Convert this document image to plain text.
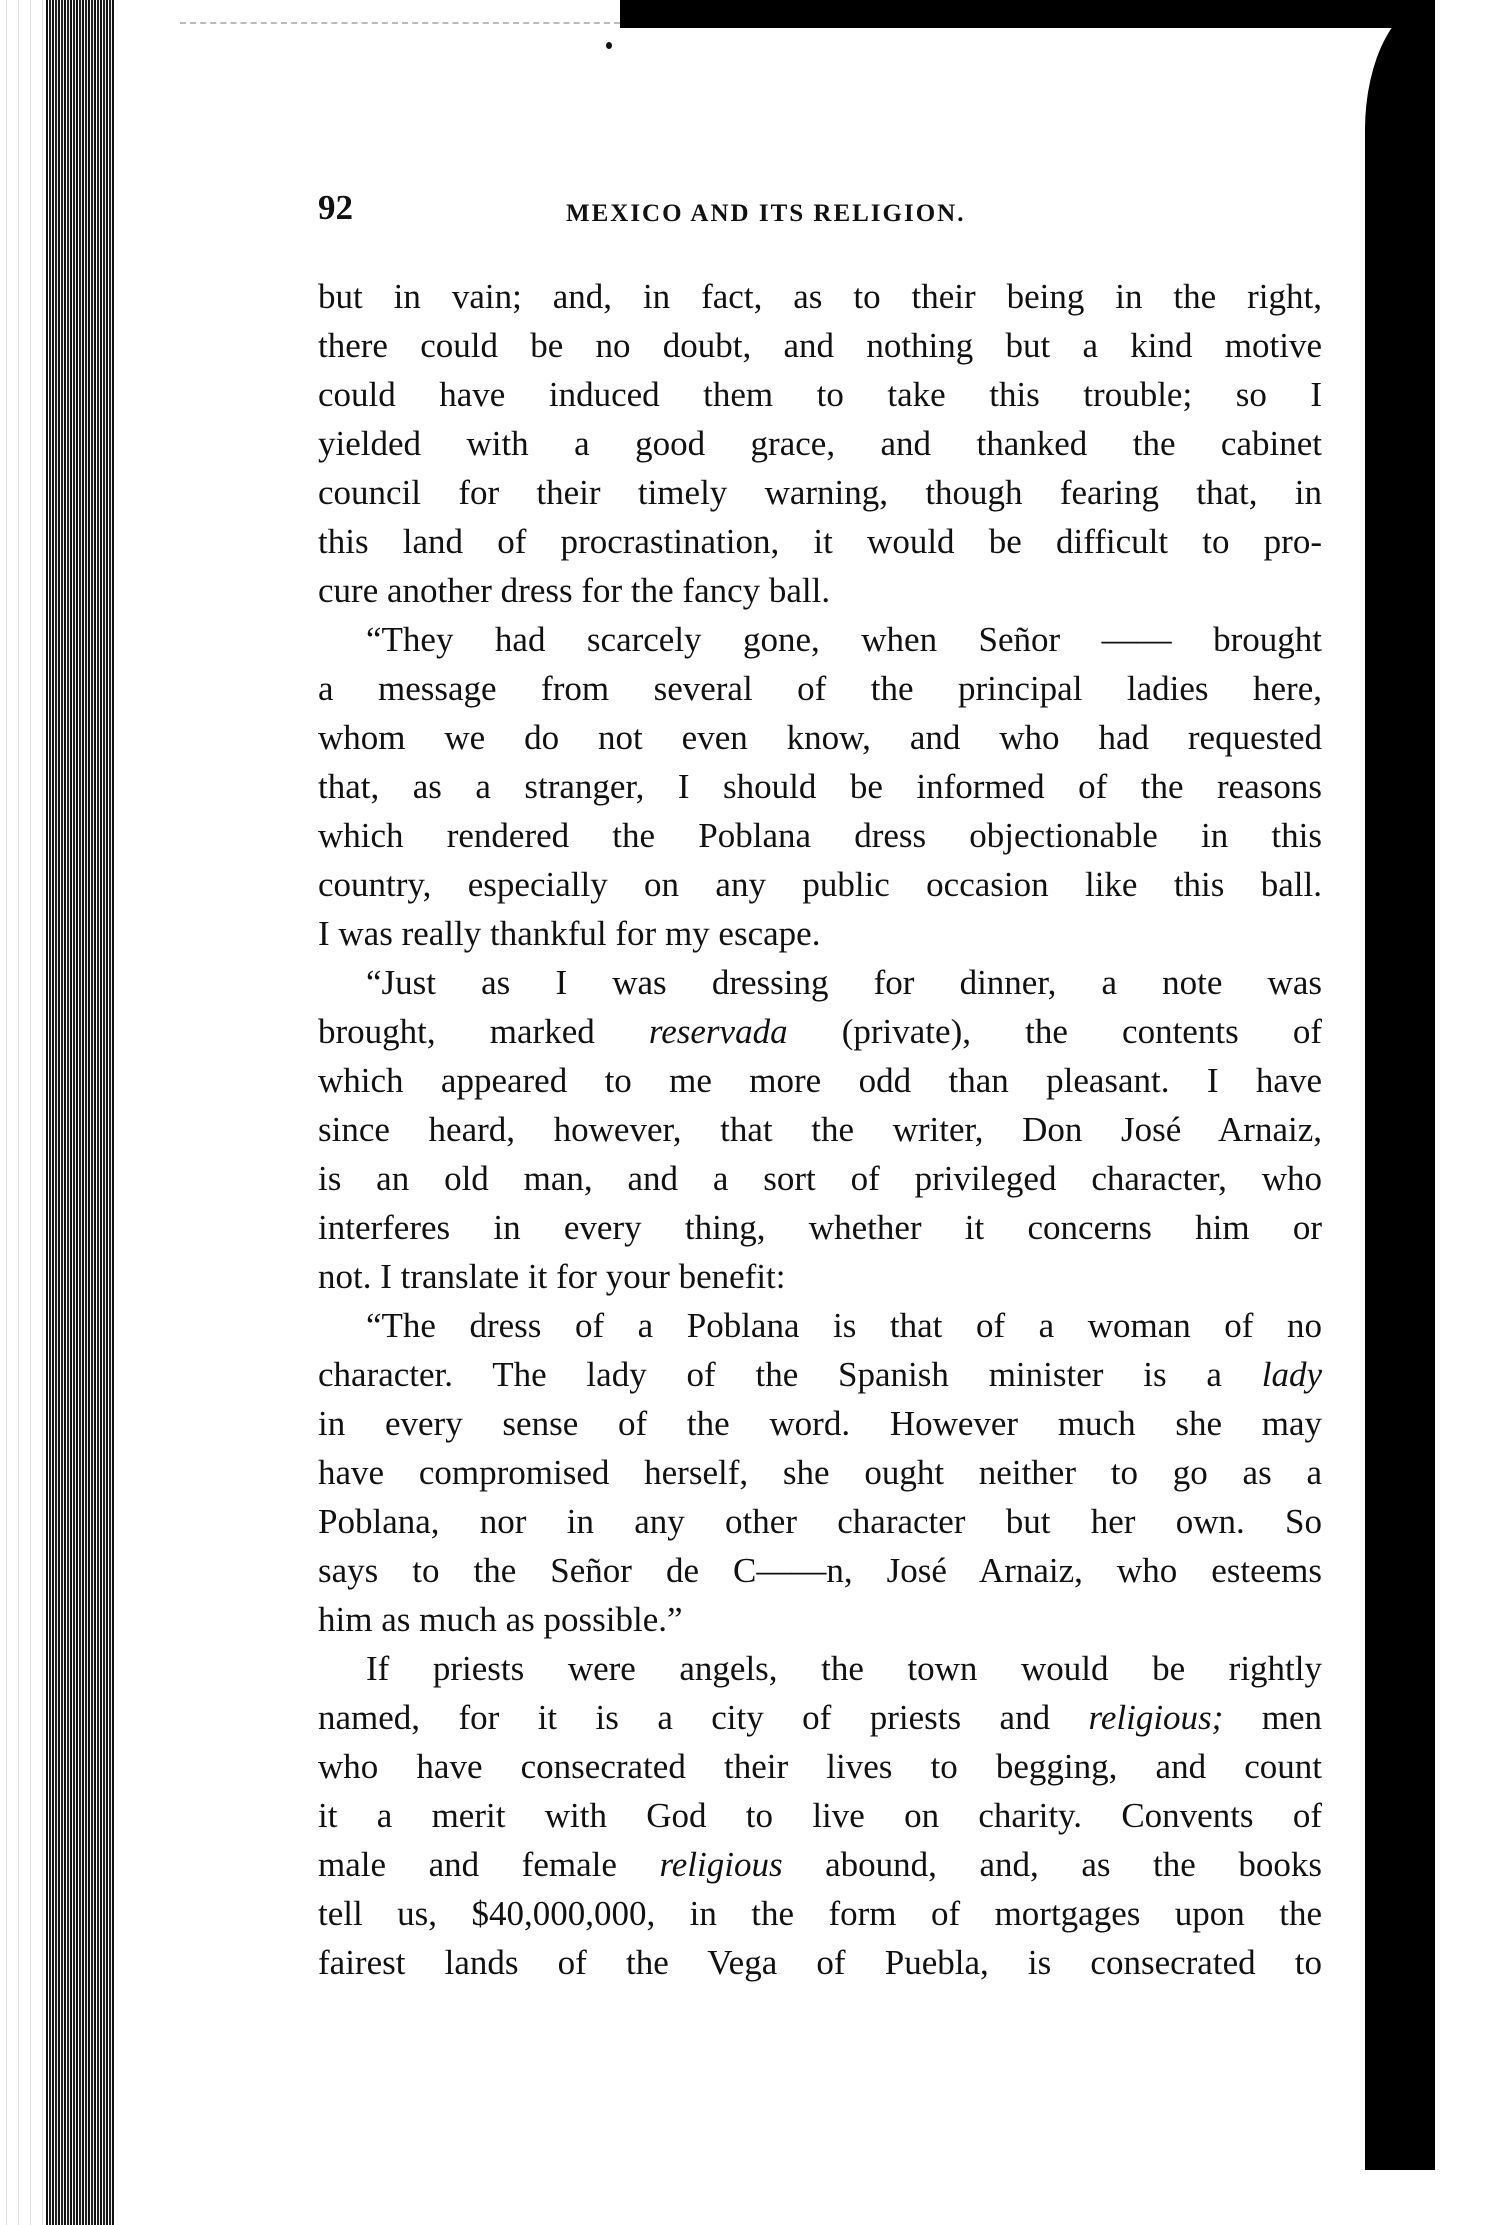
92	MEXICO AND ITS RELIGION.
but in vain; and, in fact, as to their being in the right,
there could be no doubt, and nothing but a kind motive
could have induced them to take this trouble; so I
yielded with a good grace, and thanked the cabinet
council for their timely warning, though fearing that, in
this land of procrastination, it would be difficult to pro-
cure another dress for the fancy ball.
“They had scarcely gone, when Señor —— brought
a message from several of the principal ladies here,
whom we do not even know, and who had requested
that, as a stranger, I should be informed of the reasons
which rendered the Poblana dress objectionable in this
country, especially on any public occasion like this ball.
I was really thankful for my escape.
“Just as I was dressing for dinner, a note was
brought, marked reservada (private), the contents of
which appeared to me more odd than pleasant. I have
since heard, however, that the writer, Don José Arnaiz,
is an old man, and a sort of privileged character, who
interferes in every thing, whether it concerns him or
not. I translate it for your benefit:
“The dress of a Poblana is that of a woman of no
character. The lady of the Spanish minister is a lady
in every sense of the word. However much she may
have compromised herself, she ought neither to go as a
Poblana, nor in any other character but her own. So
says to the Señor de C——n, José Arnaiz, who esteems
him as much as possible.”
If priests were angels, the town would be rightly
named, for it is a city of priests and religious; men
who have consecrated their lives to begging, and count
it a merit with God to live on charity. Convents of
male and female religious abound, and, as the books
tell us, $40,000,000, in the form of mortgages upon the
fairest lands of the Vega of Puebla, is consecrated to
